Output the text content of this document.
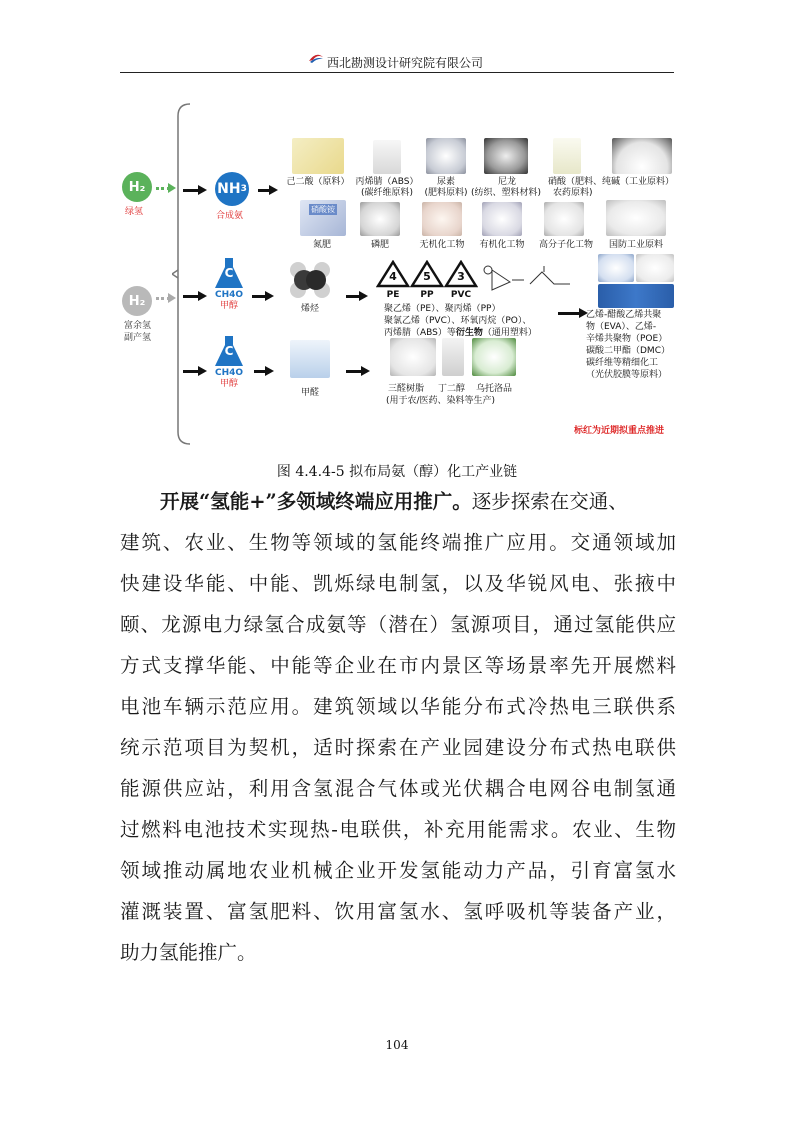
西北勘测设计研究院有限公司
H₂
绿氢
H₂
富余氢
副产氢
NH 3
合成氨
己二酸（原料） 丙烯腈（ABS）
(碳纤维原料)
尿素
(肥料原料)
尼龙
(纺织、塑料材料)
硝酸（肥料、纯碱（工业原料）
农药原料)
硝酸铵
氮肥	磷肥	无机化工物	有机化工物	高分子化工物	国防工业原料
C
CH4O
甲醇	烯烃
4
PE
5
PP
3
PVC
聚乙烯（PE）、聚丙烯（PP）
聚氯乙烯（PVC）、环氧丙烷（PO）、
丙烯腈（ABS）等衍生物（通用塑料）
乙烯-醋酸乙烯共聚
物（EVA）、乙烯-
辛烯共聚物（POE）
碳酸二甲酯（DMC）
碳纤维等精细化工
（光伏胶膜等原料）
C
CH4O
甲醇
甲醛	三醛树脂 丁二醇 乌托洛品
(用于农/医药、染料等生产)
标红为近期拟重点推进
图 4.4.4-5 拟布局氨（醇）化工产业链
开展“氢能+”多领域终端应用推广。逐步探索在交通、
建筑、农业、生物等领域的氢能终端推广应用。交通领域加
快建设华能、中能、凯烁绿电制氢，以及华锐风电、张掖中
颐、龙源电力绿氢合成氨等（潜在）氢源项目，通过氢能供应
方式支撑华能、中能等企业在市内景区等场景率先开展燃料
电池车辆示范应用。建筑领域以华能分布式冷热电三联供系
统示范项目为契机，适时探索在产业园建设分布式热电联供
能源供应站，利用含氢混合气体或光伏耦合电网谷电制氢通
过燃料电池技术实现热-电联供，补充用能需求。农业、生物
领域推动属地农业机械企业开发氢能动力产品，引育富氢水
灌溉装置、富氢肥料、饮用富氢水、氢呼吸机等装备产业，
助力氢能推广。
104
